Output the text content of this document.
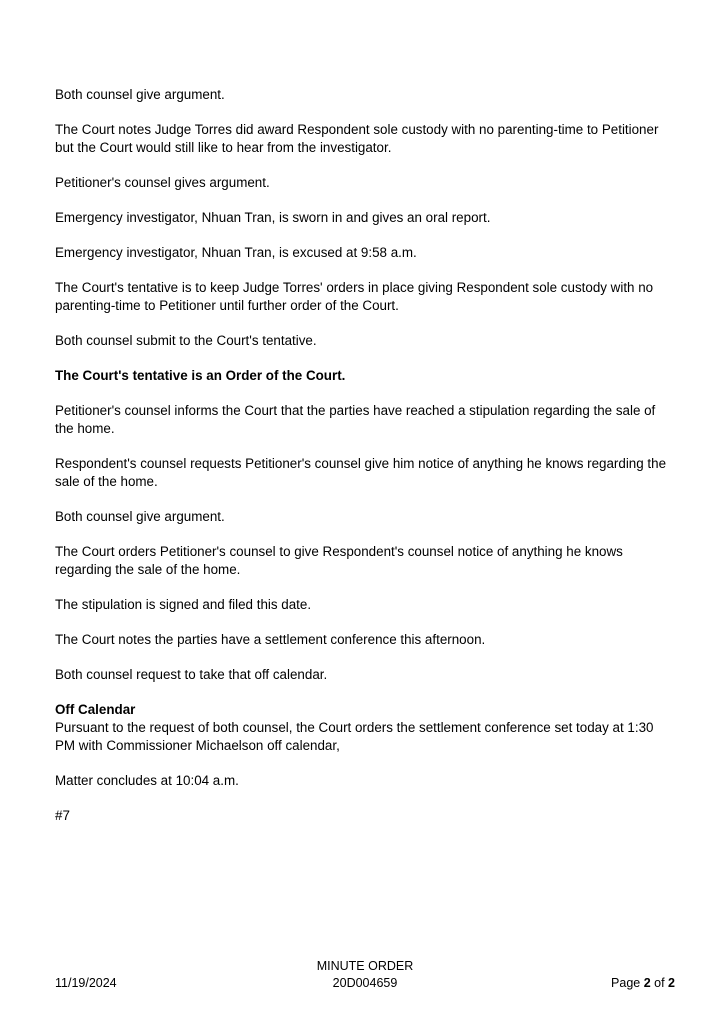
Both counsel give argument.

The Court notes Judge Torres did award Respondent sole custody with no parenting-time to Petitioner but the Court would still like to hear from the investigator.

Petitioner's counsel gives argument.

Emergency investigator, Nhuan Tran, is sworn in and gives an oral report.

Emergency investigator, Nhuan Tran, is excused at 9:58 a.m.

The Court's tentative is to keep Judge Torres' orders in place giving Respondent sole custody with no parenting-time to Petitioner until further order of the Court.

Both counsel submit to the Court's tentative.

The Court's tentative is an Order of the Court.

Petitioner's counsel informs the Court that the parties have reached a stipulation regarding the sale of the home.

Respondent's counsel requests Petitioner's counsel give him notice of anything he knows regarding the sale of the home.

Both counsel give argument.

The Court orders Petitioner's counsel to give Respondent's counsel notice of anything he knows regarding the sale of the home.

The stipulation is signed and filed this date.

The Court notes the parties have a settlement conference this afternoon.

Both counsel request to take that off calendar.

Off Calendar

Pursuant to the request of both counsel, the Court orders the settlement conference set today at 1:30 PM with Commissioner Michaelson off calendar,

Matter concludes at 10:04 a.m.

#7

MINUTE ORDER
20D004659
11/19/2024	Page 2 of 2
